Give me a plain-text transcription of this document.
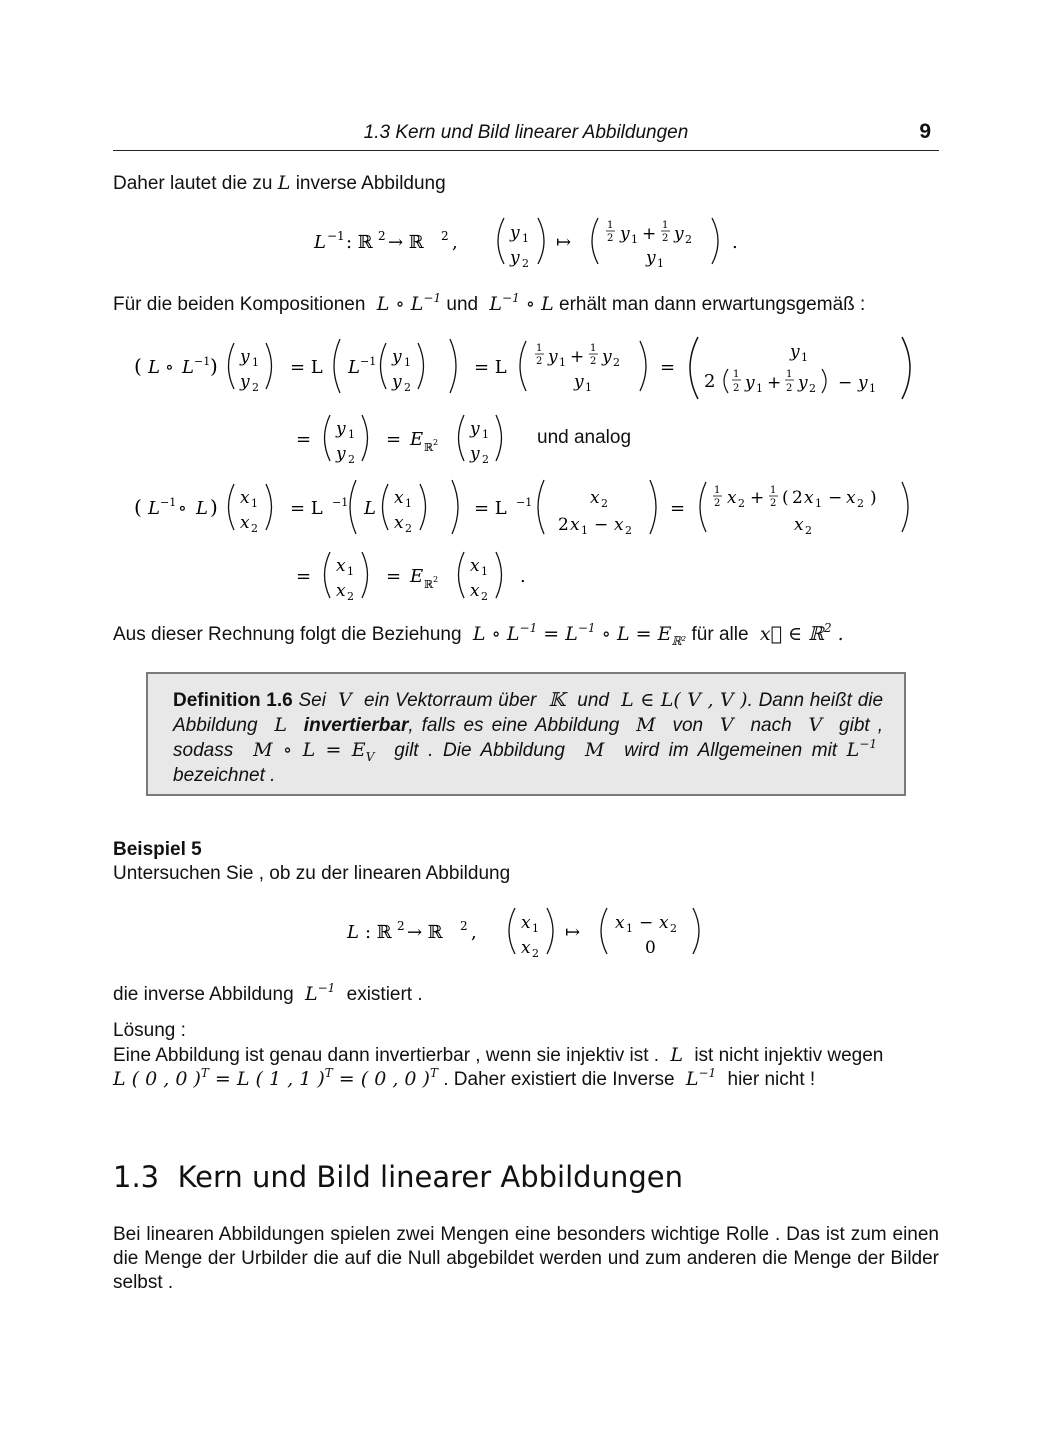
1.3 Kern und Bild linearer Abbildungen	9
Daher lautet die zu L inverse Abbildung
L −1 : ℝ 2 → ℝ 2 ,	y 1
y 2
↦
1
2 y 1 + 1
2 y 2
y 1
.
Für die beiden Kompositionen  L ∘ $L^{-1}$ und  $L^{-1}$ ∘ L erhält man dann erwartungsgemäß :
( L ∘ L −1 ) y 1
y 2
= L L −1 y 1
y 2
= L
1
2 y 1 + 1
2 y 2
y 1
=
y 1
2 1
2 y 1 + 1
2 y 2 − y 1
= y 1
y 2
= E ℝ 2
y 1
y 2
( L −1 ∘ L ) x 1
x 2
= L −1 L x 1
x 2
= L −1	x 2
2 x 1 − x 2
=
1
2 x 2 + 1
2 ( 2 x 1 − x 2 )
x 2
= x 1
x 2
= E ℝ 2
x 1
x 2
.
und analog
Aus dieser Rechnung folgt die Beziehung  L ∘ $L^{-1} = L^{-1}$ ∘ $L = E_{ℝ^2}$ für alle  x⃗ ∈ ℝ$^2$ .
Definition 1.6 Sei  V  ein Vektorraum über  𝕂  und  L ∈ L( V , V ). Dann heißt die Abbildung  L  invertierbar, falls es eine Abbildung  M  von  V  nach  V  gibt , sodass  M ∘ $L = E_V$ gilt . Die Abbildung  M  wird im Allgemeinen mit $L^{-1}$  bezeichnet .
Beispiel 5
Untersuchen Sie , ob zu der linearen Abbildung
L : ℝ 2 → ℝ 2 ,	x 1
x 2
↦ x 1 − x 2
0
die inverse Abbildung  $L^{-1}$ existiert .
Lösung :
Eine Abbildung ist genau dann invertierbar , wenn sie injektiv ist .  L  ist nicht injektiv wegen
L ( 0 , 0 )$^T$ = L ( 1 , 1 )$^T$ = ( 0 , 0 )$^T$ . Daher existiert die Inverse  $L^{-1}$ hier nicht !
1.3 Kern und Bild linearer Abbildungen
Bei linearen Abbildungen spielen zwei Mengen eine besonders wichtige Rolle . Das ist zum einen die Menge der Urbilder die auf die Null abgebildet werden und zum anderen die Menge der Bilder selbst .
